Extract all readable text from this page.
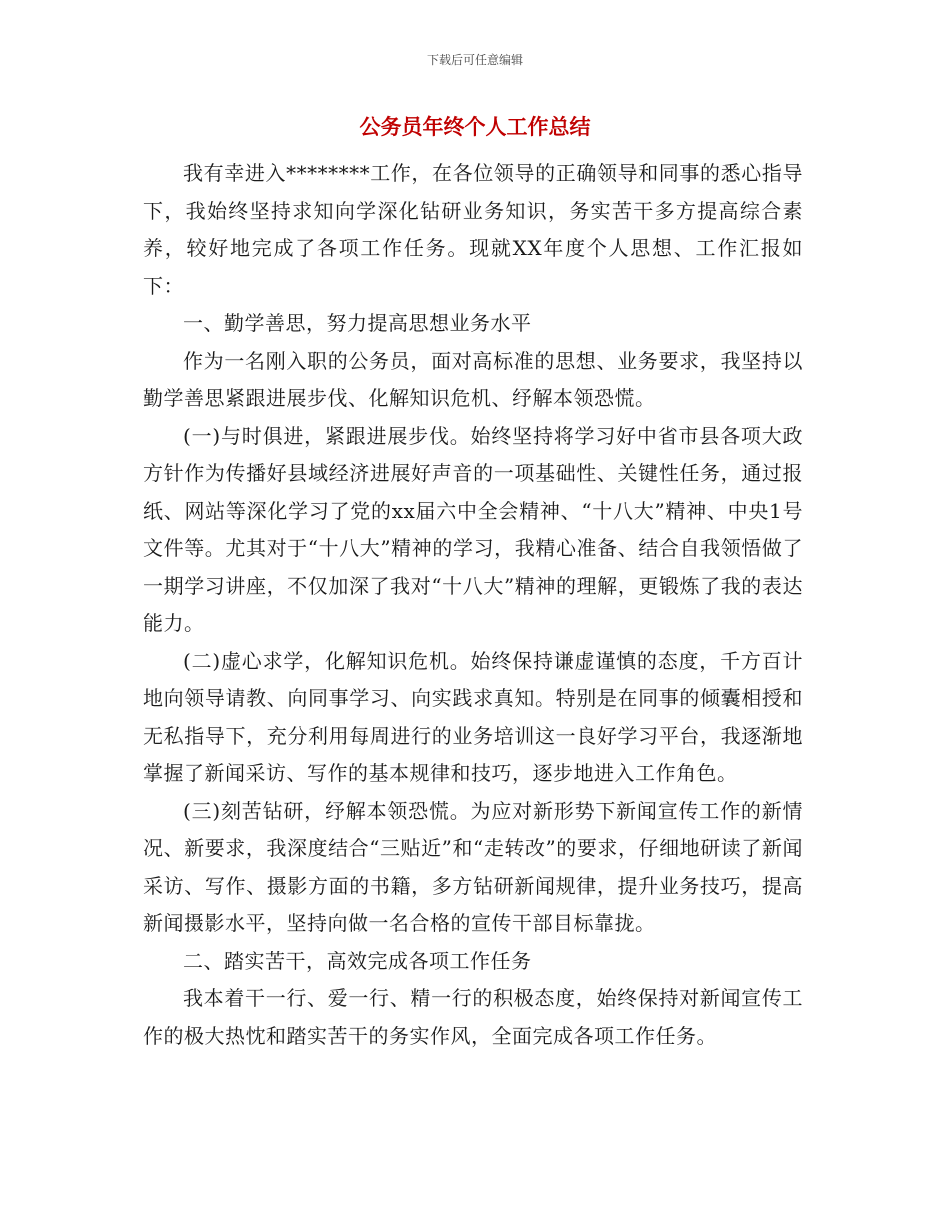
下载后可任意编辑
公务员年终个人工作总结

我有幸进入********工作，在各位领导的正确领导和同事的悉心指导下，我始终坚持求知向学深化钻研业务知识，务实苦干多方提高综合素养，较好地完成了各项工作任务。现就XX年度个人思想、工作汇报如下：

一、勤学善思，努力提高思想业务水平

作为一名刚入职的公务员，面对高标准的思想、业务要求，我坚持以勤学善思紧跟进展步伐、化解知识危机、纾解本领恐慌。

(一)与时俱进，紧跟进展步伐。始终坚持将学习好中省市县各项大政方针作为传播好县域经济进展好声音的一项基础性、关键性任务，通过报纸、网站等深化学习了党的xx届六中全会精神、“十八大”精神、中央1号文件等。尤其对于“十八大”精神的学习，我精心准备、结合自我领悟做了一期学习讲座，不仅加深了我对“十八大”精神的理解，更锻炼了我的表达能力。

(二)虚心求学，化解知识危机。始终保持谦虚谨慎的态度，千方百计地向领导请教、向同事学习、向实践求真知。特别是在同事的倾囊相授和无私指导下，充分利用每周进行的业务培训这一良好学习平台，我逐渐地掌握了新闻采访、写作的基本规律和技巧，逐步地进入工作角色。

(三)刻苦钻研，纾解本领恐慌。为应对新形势下新闻宣传工作的新情况、新要求，我深度结合“三贴近”和“走转改”的要求，仔细地研读了新闻采访、写作、摄影方面的书籍，多方钻研新闻规律，提升业务技巧，提高新闻摄影水平，坚持向做一名合格的宣传干部目标靠拢。

二、踏实苦干，高效完成各项工作任务

我本着干一行、爱一行、精一行的积极态度，始终保持对新闻宣传工作的极大热忱和踏实苦干的务实作风，全面完成各项工作任务。
